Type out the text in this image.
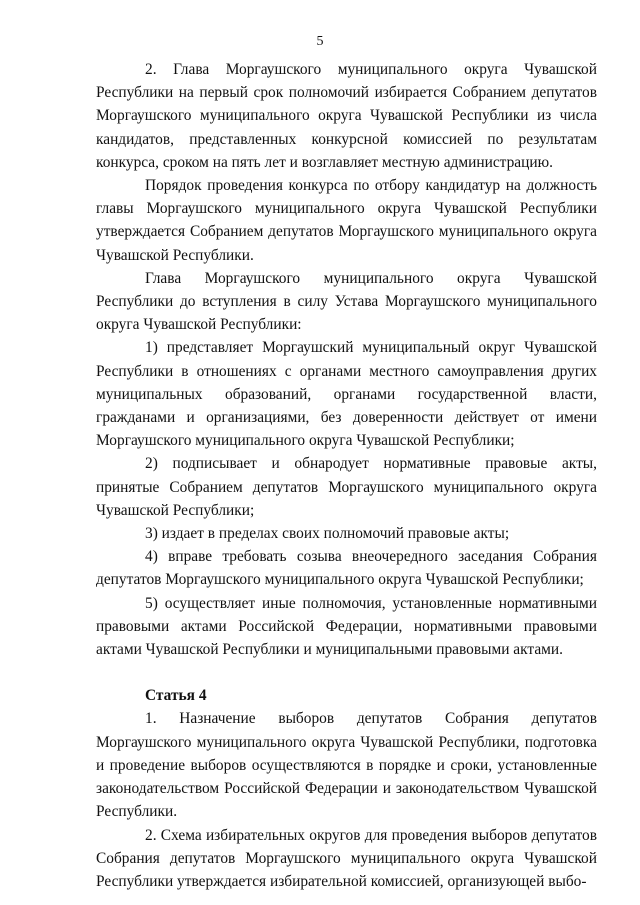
5

2. Глава Моргаушского муниципального округа Чувашской Республики на первый срок полномочий избирается Собранием депутатов Моргаушского муниципального округа Чувашской Республики из числа кандидатов, представленных конкурсной комиссией по результатам конкурса, сроком на пять лет и возглавляет местную администрацию.

Порядок проведения конкурса по отбору кандидатур на должность главы Моргаушского муниципального округа Чувашской Республики утверждается Собранием депутатов Моргаушского муниципального округа Чувашской Республики.

Глава Моргаушского муниципального округа Чувашской Республики до вступления в силу Устава Моргаушского муниципального округа Чувашской Республики:

1) представляет Моргаушский муниципальный округ Чувашской Республики в отношениях с органами местного самоуправления других муниципальных образований, органами государственной власти, гражданами и организациями, без доверенности действует от имени Моргаушского муниципального округа Чувашской Республики;

2) подписывает и обнародует нормативные правовые акты, принятые Собранием депутатов Моргаушского муниципального округа Чувашской Республики;

3) издает в пределах своих полномочий правовые акты;

4) вправе требовать созыва внеочередного заседания Собрания депутатов Моргаушского муниципального округа Чувашской Республики;

5) осуществляет иные полномочия, установленные нормативными правовыми актами Российской Федерации, нормативными правовыми актами Чувашской Республики и муниципальными правовыми актами.

Статья 4

1. Назначение выборов депутатов Собрания депутатов Моргаушского муниципального округа Чувашской Республики, подготовка и проведение выборов осуществляются в порядке и сроки, установленные законодательством Российской Федерации и законодательством Чувашской Республики.

2. Схема избирательных округов для проведения выборов депутатов Собрания депутатов Моргаушского муниципального округа Чувашской Республики утверждается избирательной комиссией, организующей выбо-
